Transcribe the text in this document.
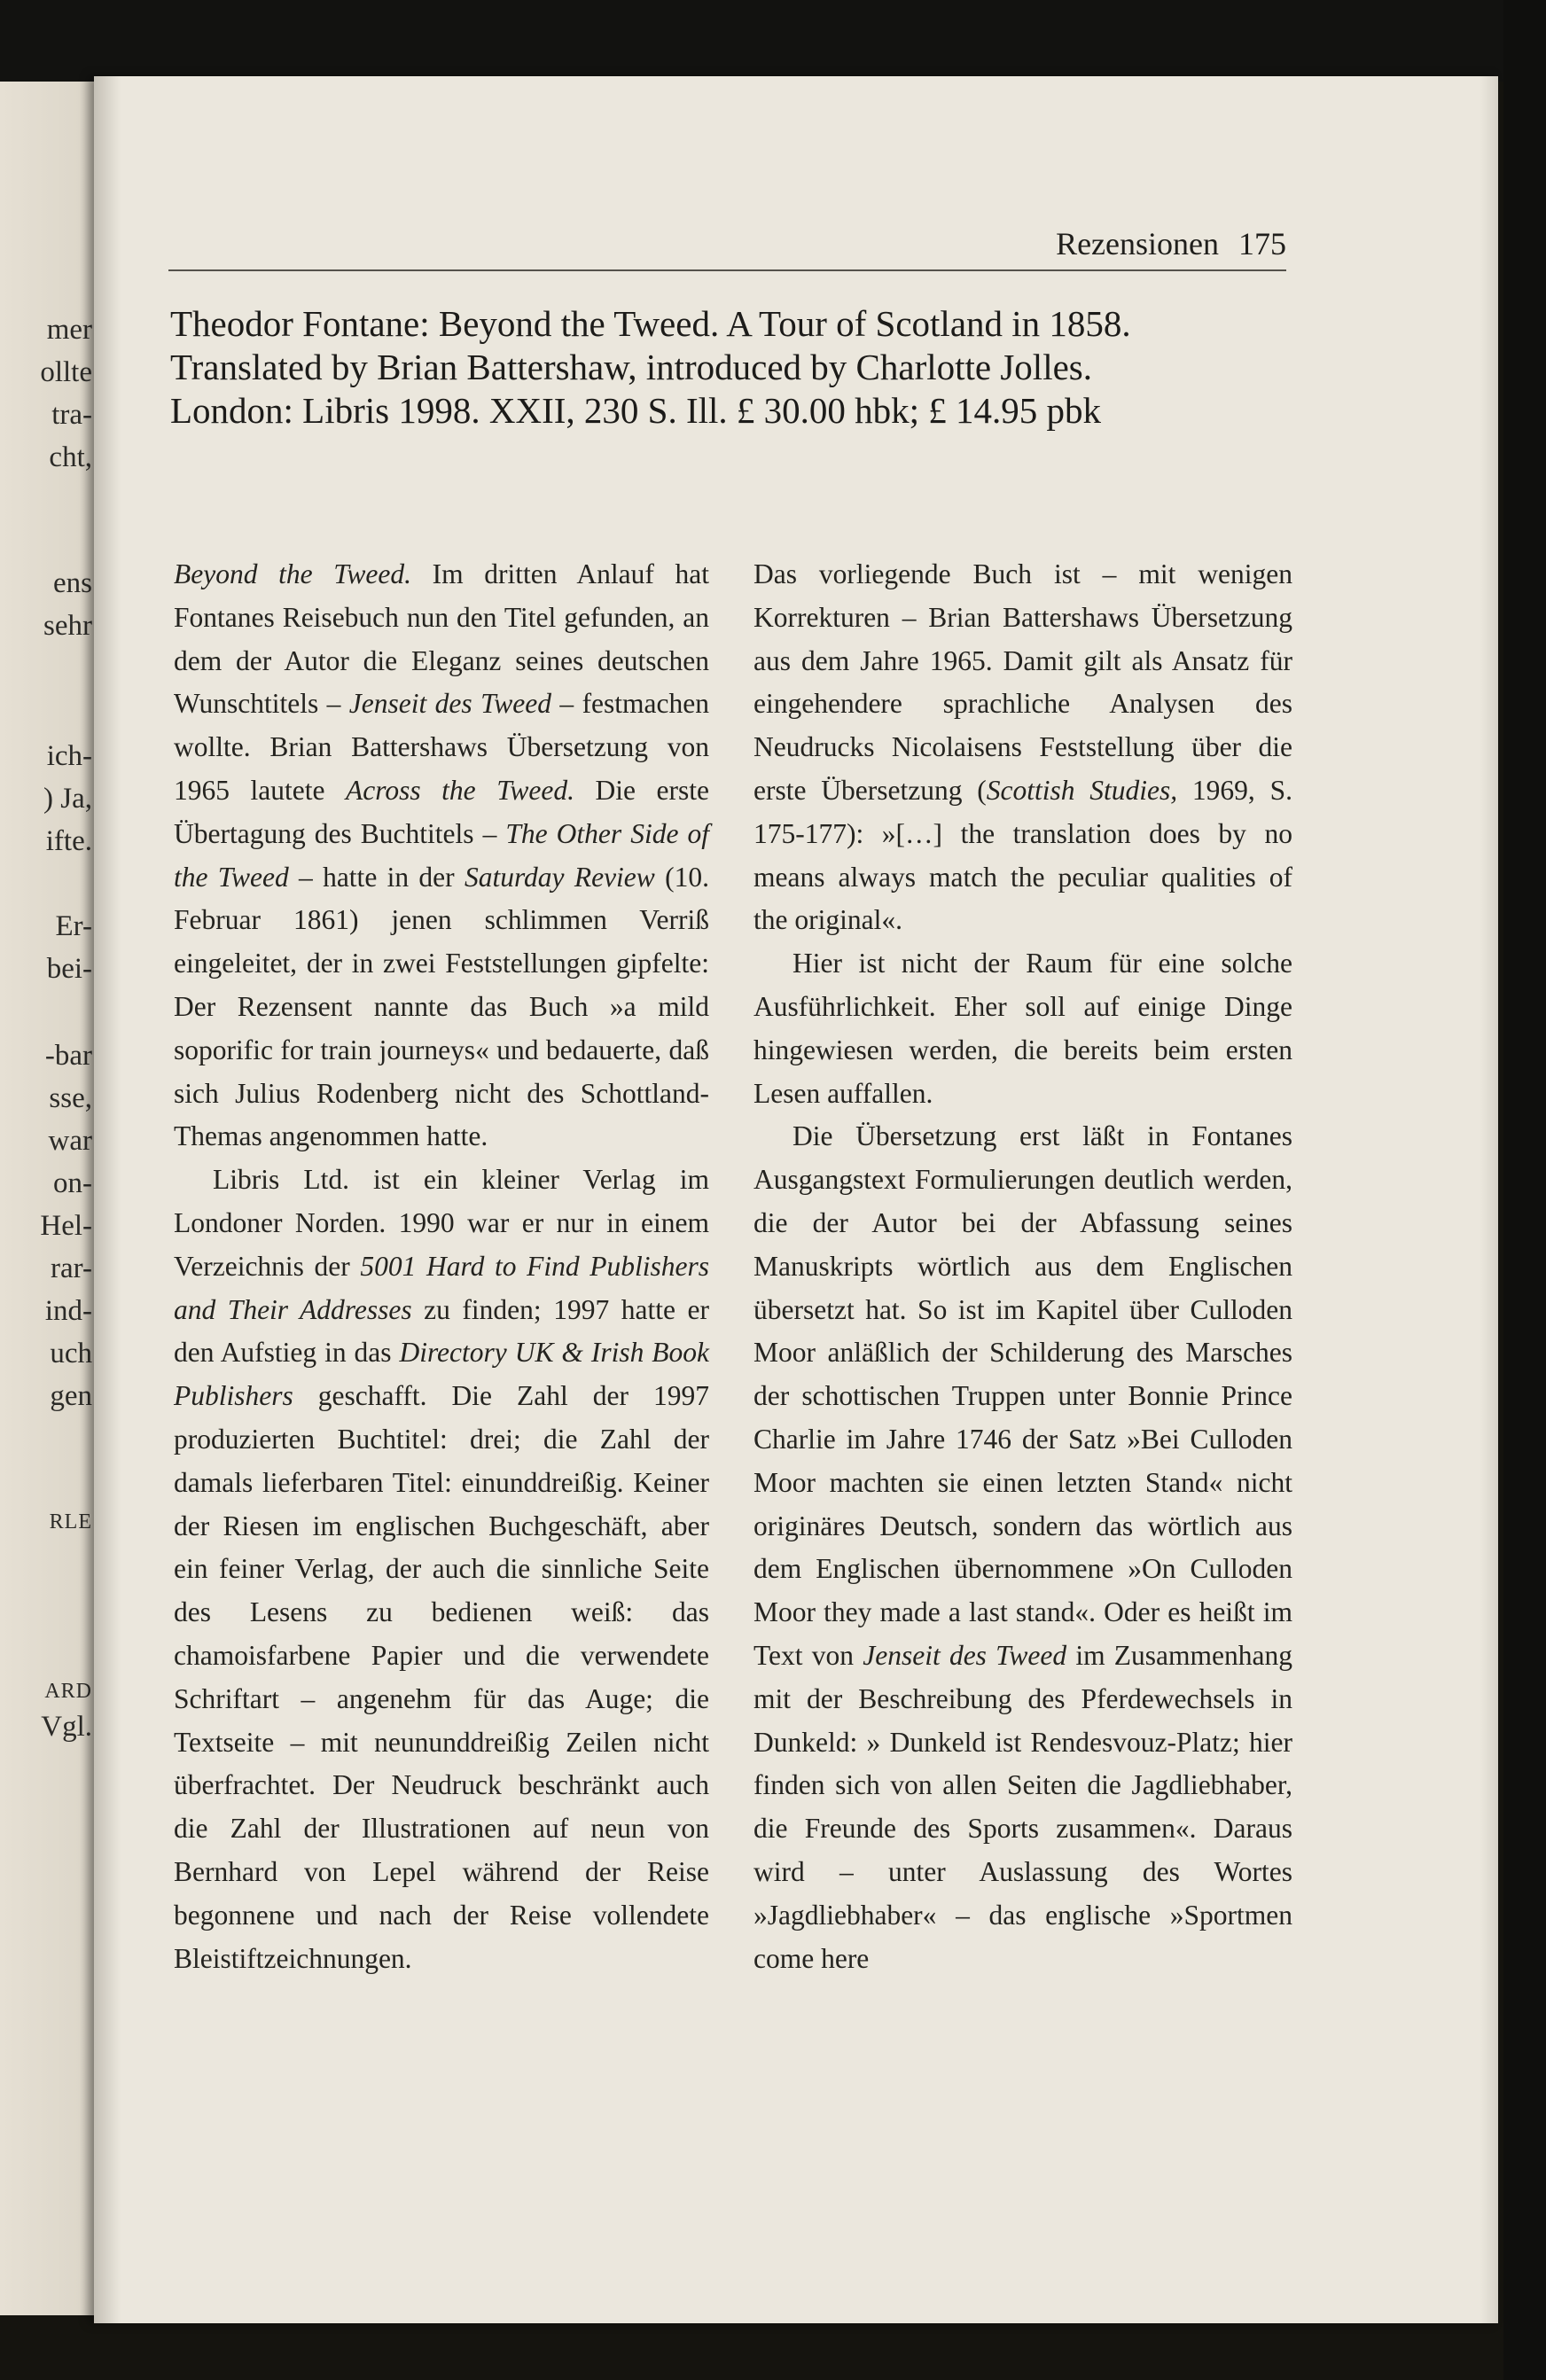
mer
ollte
tra-
cht,
ens
sehr
ich-
) Ja,
ifte.
Er-
bei-
-bar
sse,
war
on-
Hel-
rar-
ind-
uch
gen
RLE
ARD
Vgl.
Rezensionen 175
Theodor Fontane: Beyond the Tweed. A Tour of Scotland in 1858.
Translated by Brian Battershaw, introduced by Charlotte Jolles.
London: Libris 1998. XXII, 230 S. Ill. £ 30.00 hbk; £ 14.95 pbk

Beyond the Tweed. Im dritten Anlauf hat Fontanes Reisebuch nun den Titel gefunden, an dem der Autor die Eleganz seines deutschen Wunschtitels – Jenseit des Tweed – festmachen wollte. Brian Battershaws Übersetzung von 1965 lautete Across the Tweed. Die erste Übertagung des Buchtitels – The Other Side of the Tweed – hatte in der Saturday Review (10. Februar 1861) jenen schlimmen Verriß eingeleitet, der in zwei Feststellungen gipfelte: Der Rezensent nannte das Buch »a mild soporific for train journeys« und bedauerte, daß sich Julius Rodenberg nicht des Schottland-Themas angenommen hatte.

Libris Ltd. ist ein kleiner Verlag im Londoner Norden. 1990 war er nur in einem Verzeichnis der 5001 Hard to Find Publishers and Their Addresses zu finden; 1997 hatte er den Aufstieg in das Directory UK & Irish Book Publishers geschafft. Die Zahl der 1997 produzierten Buchtitel: drei; die Zahl der damals lieferbaren Titel: einunddreißig. Keiner der Riesen im englischen Buchgeschäft, aber ein feiner Verlag, der auch die sinnliche Seite des Lesens zu bedienen weiß: das chamoisfarbene Papier und die verwendete Schriftart – angenehm für das Auge; die Textseite – mit neununddreißig Zeilen nicht überfrachtet. Der Neudruck beschränkt auch die Zahl der Illustrationen auf neun von Bernhard von Lepel während der Reise begonnene und nach der Reise vollendete Bleistiftzeichnungen.

Das vorliegende Buch ist – mit wenigen Korrekturen – Brian Battershaws Übersetzung aus dem Jahre 1965. Damit gilt als Ansatz für eingehendere sprachliche Analysen des Neudrucks Nicolaisens Feststellung über die erste Übersetzung (Scottish Studies, 1969, S. 175-177): »[…] the translation does by no means always match the peculiar qualities of the original«.

Hier ist nicht der Raum für eine solche Ausführlichkeit. Eher soll auf einige Dinge hingewiesen werden, die bereits beim ersten Lesen auffallen.

Die Übersetzung erst läßt in Fontanes Ausgangstext Formulierungen deutlich werden, die der Autor bei der Abfassung seines Manuskripts wörtlich aus dem Englischen übersetzt hat. So ist im Kapitel über Culloden Moor anläßlich der Schilderung des Marsches der schottischen Truppen unter Bonnie Prince Charlie im Jahre 1746 der Satz »Bei Culloden Moor machten sie einen letzten Stand« nicht originäres Deutsch, sondern das wörtlich aus dem Englischen übernommene »On Culloden Moor they made a last stand«. Oder es heißt im Text von Jenseit des Tweed im Zusammenhang mit der Beschreibung des Pferdewechsels in Dunkeld: » Dunkeld ist Rendesvouz-Platz; hier finden sich von allen Seiten die Jagdliebhaber, die Freunde des Sports zusammen«. Daraus wird – unter Auslassung des Wortes »Jagdliebhaber« – das englische »Sportmen come here
